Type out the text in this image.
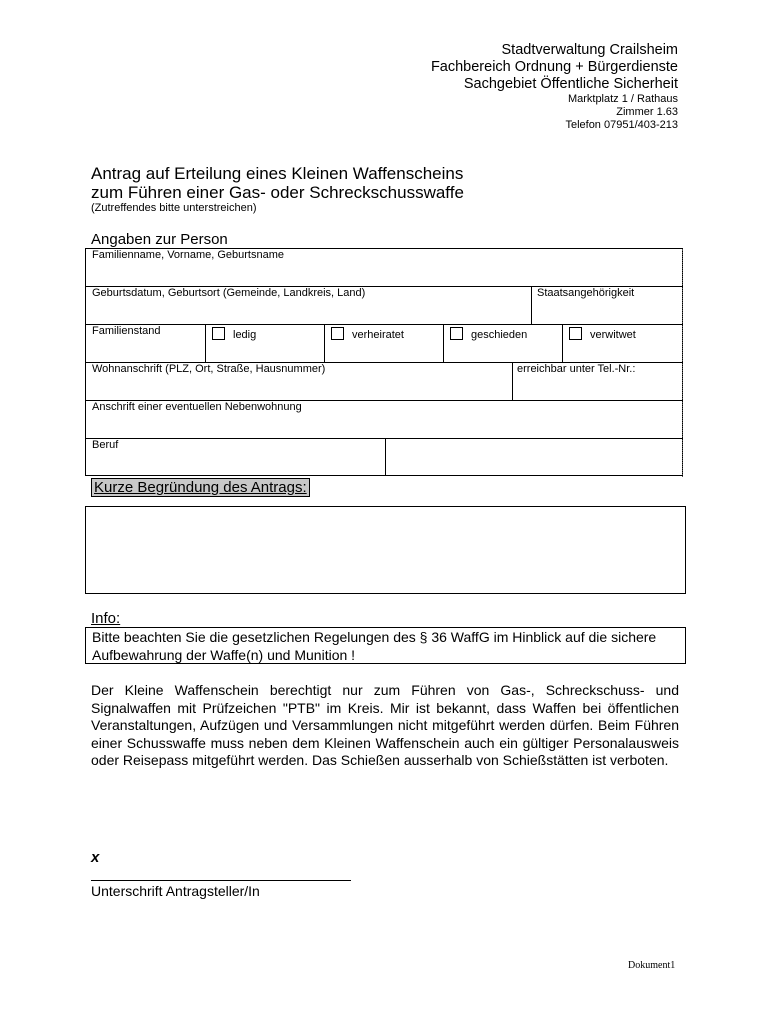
Stadtverwaltung Crailsheim
Fachbereich Ordnung + Bürgerdienste
Sachgebiet Öffentliche Sicherheit
Marktplatz 1 / Rathaus
Zimmer 1.63
Telefon 07951/403-213
Antrag auf Erteilung eines Kleinen Waffenscheins
zum Führen einer Gas- oder Schreckschusswaffe
(Zutreffendes bitte unterstreichen)
Angaben zur Person
Familienname, Vorname, Geburtsname
Geburtsdatum, Geburtsort (Gemeinde, Landkreis, Land)	Staatsangehörigkeit
Familienstand	ledig	verheiratet	geschieden	verwitwet
Wohnanschrift (PLZ, Ort, Straße, Hausnummer)	erreichbar unter Tel.-Nr.:
Anschrift einer eventuellen Nebenwohnung
Beruf
Kurze Begründung des Antrags:
Info:
Bitte beachten Sie die gesetzlichen Regelungen des § 36 WaffG im Hinblick auf die sichere Aufbewahrung der Waffe(n) und Munition !
Der Kleine Waffenschein berechtigt nur zum Führen von Gas-, Schreckschuss- und Signalwaffen mit Prüfzeichen "PTB" im Kreis. Mir ist bekannt, dass Waffen bei öffentlichen Veranstaltungen, Aufzügen und Versammlungen nicht mitgeführt werden dürfen. Beim Führen einer Schusswaffe muss neben dem Kleinen Waffenschein auch ein gültiger Personalausweis oder Reisepass mitgeführt werden. Das Schießen ausserhalb von Schießstätten ist verboten.
x
Unterschrift Antragsteller/In
Dokument1
